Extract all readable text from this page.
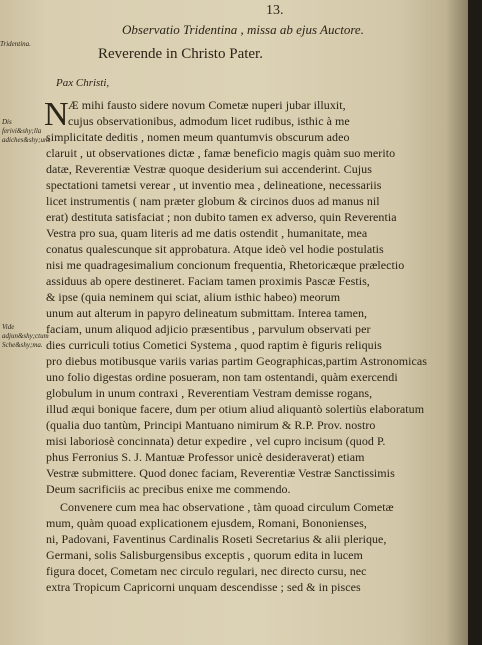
13.
Observatio Tridentina , missa ab ejus Auctore.
Tridentina.
Reverende in Christo Pater.
Pax Christi,
N
Dis ferivi&shy;lla adiches&shy;um.
Vide adjun&shy;ctum Sche&shy;ma.
Æ mihi fausto sidere novum Cometæ nuperi jubar illuxit,
cujus observationibus, admodum licet rudibus, isthic à me
simplicitate deditis , nomen meum quantumvis obscurum adeo
claruit , ut observationes dictæ , famæ beneficio magis quàm suo merito
datæ, Reverentiæ Vestræ quoque desiderium sui accenderint. Cujus
spectationi tametsi verear , ut inventio mea , delineatione, necessariis
licet instrumentis ( nam præter globum & circinos duos ad manus nil
erat) destituta satisfaciat ; non dubito tamen ex adverso, quin Reverentia
Vestra pro sua, quam literis ad me datis ostendit , humanitate, mea
conatus qualescunque sit approbatura. Atque ideò vel hodie postulatis
nisi me quadragesimalium concionum frequentia, Rhetoricæque prælectio
assiduus ab opere destineret. Faciam tamen proximis Pascæ Festis,
& ipse (quia neminem qui sciat, alium isthic habeo) meorum
unum aut alterum in papyro delineatum submittam. Interea tamen,
faciam, unum aliquod adjicio præsentibus , parvulum observati per
dies curriculi totius Cometici Systema , quod raptim è figuris reliquis
pro diebus motibusque variis varias partim Geographicas,partim Astronomicas
uno folio digestas ordine posueram, non tam ostentandi, quàm exercendi
globulum in unum contraxi , Reverentiam Vestram demisse rogans,
illud æqui bonique facere, dum per otium aliud aliquantò solertiùs elaboratum
(qualia duo tantùm, Principi Mantuano nimirum & R.P. Prov. nostro
misi laboriosè concinnata) detur expedire , vel cupro incisum (quod P.
phus Ferronius S. J. Mantuæ Professor unicè desideraverat) etiam
Vestræ submittere. Quod donec faciam, Reverentiæ Vestræ Sanctissimis
Deum sacrificiis ac precibus enixe me commendo.
Convenere cum mea hac observatione , tàm quoad circulum Cometæ
mum, quàm quoad explicationem ejusdem, Romani, Bononienses,
ni, Padovani, Faventinus Cardinalis Roseti Secretarius & alii plerique,
Germani, solis Salisburgensibus exceptis , quorum edita in lucem
figura docet, Cometam nec circulo regulari, nec directo cursu, nec
extra Tropicum Capricorni unquam descendisse ; sed & in pisces
